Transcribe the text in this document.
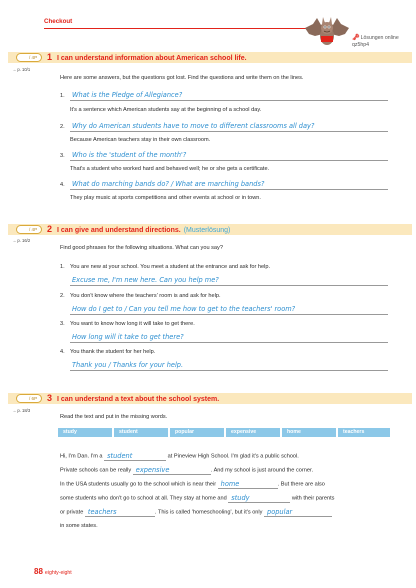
Checkout
🗝Lösungen online
qz5hp4
/ 4P	1 I can understand information about American school life.
→ p. 10/1
Here are some answers, but the questions got lost. Find the questions and write them on the lines.
1. What is the Pledge of Allegiance?
It's a sentence which American students say at the beginning of a school day.
2. Why do American students have to move to different classrooms all day?
Because American teachers stay in their own classroom.
3. Who is the 'student of the month'?
That's a student who worked hard and behaved well; he or she gets a certificate.
4. What do marching bands do? / What are marching bands?
They play music at sports competitions and other events at school or in town.
/ 4P	2 I can give and understand directions. (Musterlösung)
→ p. 16/2
Find good phrases for the following situations. What can you say?
1. You are new at your school. You meet a student at the entrance and ask for help.
Excuse me, I'm new here. Can you help me?
2. You don't know where the teachers' room is and ask for help.
How do I get to / Can you tell me how to get to the teachers' room?
3. You want to know how long it will take to get there.
How long will it take to get there?
4. You thank the student for her help.
Thank you / Thanks for your help.
/ 6P	3 I can understand a text about the school system.
→ p. 18/3
Read the text and put in the missing words.
study	student	popular	expensive	home	teachers
Hi, I'm Dan. I'm a student	at Pineview High School. I'm glad it's a public school.
Private schools can be really expensive	. And my school is just around the corner.
In the USA students usually go to the school which is near their home	. But there are also
some students who don't go to school at all. They stay at home and study	with their parents
or private teachers	. This is called 'homeschooling', but it's only popular
in some states.
88 eighty-eight
